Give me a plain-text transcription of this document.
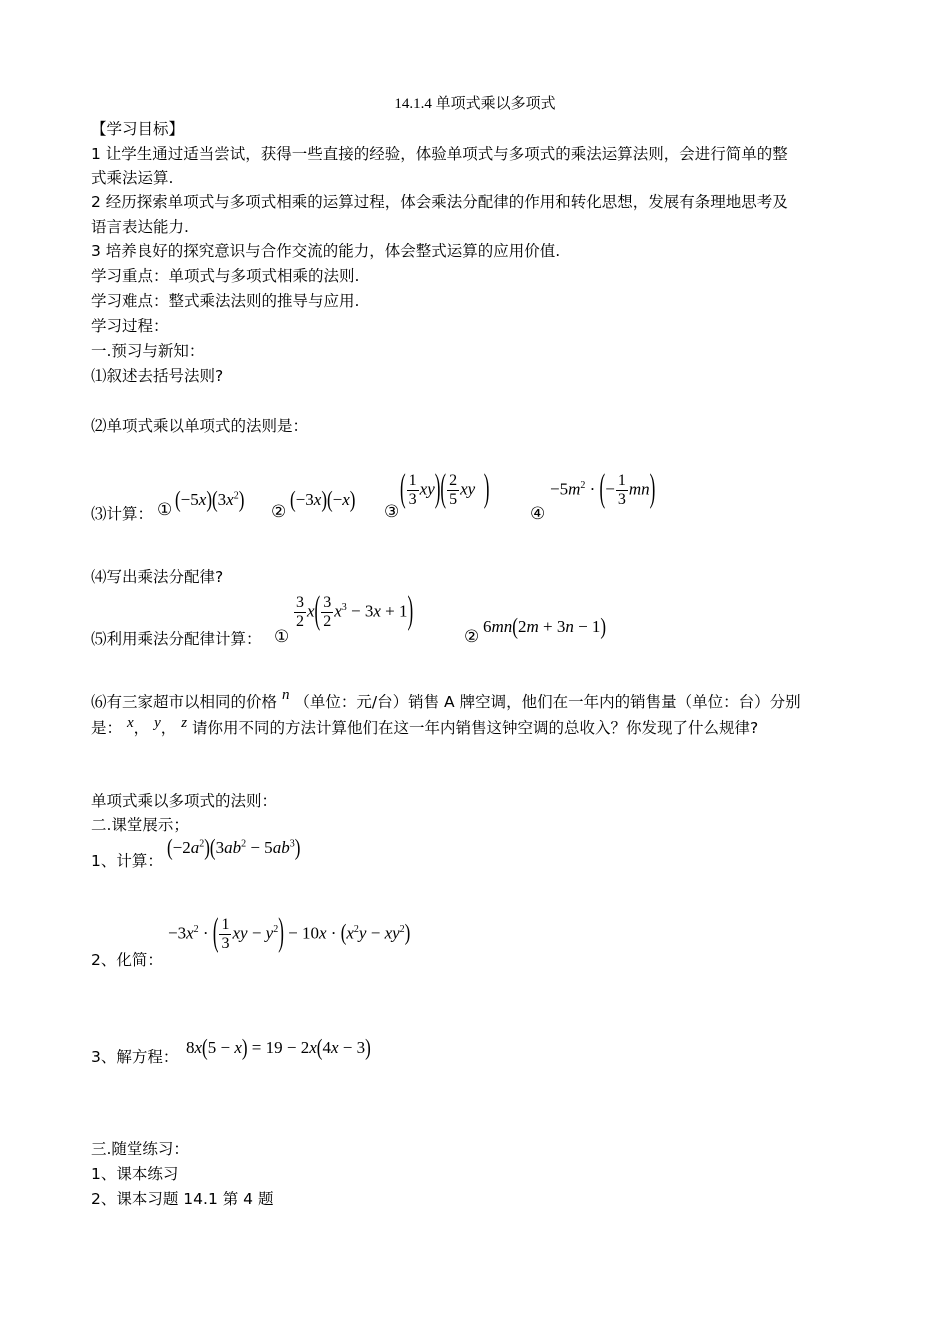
14.1.4 单项式乘以多项式
【学习目标】
1 让学生通过适当尝试，获得一些直接的经验，体验单项式与多项式的乘法运算法则，会进行简单的整
式乘法运算.
2 经历探索单项式与多项式相乘的运算过程，体会乘法分配律的作用和转化思想，发展有条理地思考及
语言表达能力.
3 培养良好的探究意识与合作交流的能力，体会整式运算的应用价值.
学习重点：单项式与多项式相乘的法则.
学习难点：整式乘法法则的推导与应用.
学习过程：
一.预习与新知：
⑴叙述去括号法则?
⑵单项式乘以单项式的法则是：
⑶计算： ① $(-5x)(3x^2)$ ② (−3x)(−x) ③
( $\frac{1}{3} xy)( \frac{2}{5}$ xy )
④
$-5m^2$ · (− $\frac{1}{3} mn$)
⑷写出乘法分配律?
⑸利用乘法分配律计算： ①
$\frac{3}{2} x( \frac{3}{2} x^3 - 3x + 1)$
②
6mn(2m + 3n − 1)
⑹有三家超市以相同的价格 n （单位：元/台）销售 A 牌空调，他们在一年内的销售量（单位：台）分别
是： x， y， z 请你用不同的方法计算他们在这一年内销售这钟空调的总收入？你发现了什么规律?
单项式乘以多项式的法则：
二.课堂展示；
1、计算：
$(-2a^2)(3ab^2 - 5ab^3)$
2、化简：
$-3x^2$ · ( $\frac{1}{3}$ xy − $y^2) - 10x \cdot (x^2y - xy^2)$
3、解方程： 8x(5 − x) = 19 − 2x(4x − 3)
三.随堂练习：
1、课本练习
2、课本习题 14.1 第 4 题
